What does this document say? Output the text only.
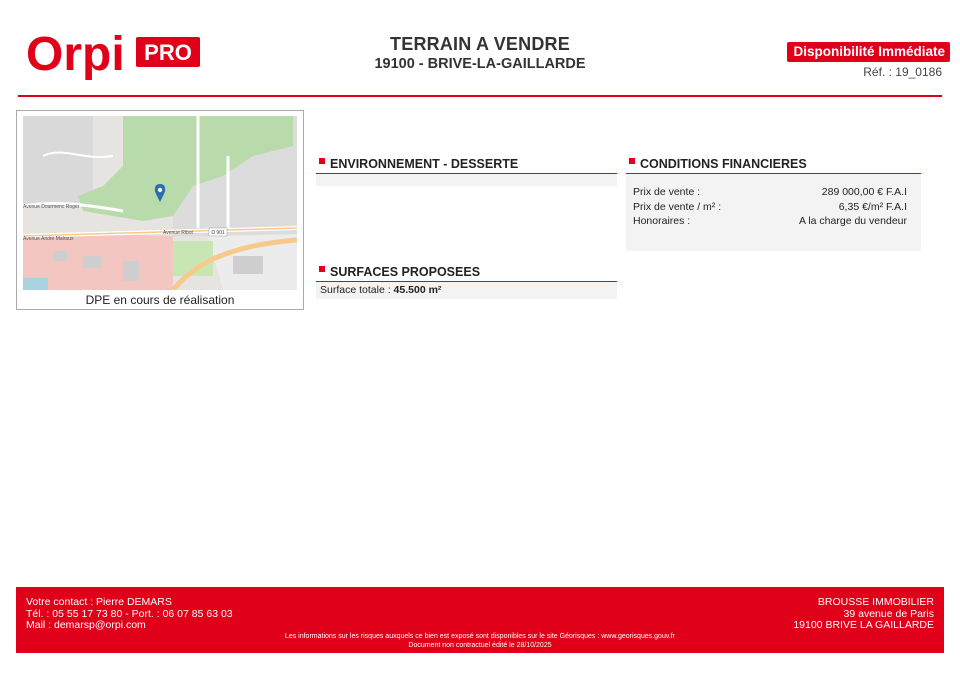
Orpi PRO	TERRAIN A VENDRE
19100 - BRIVE-LA-GAILLARDE
Disponibilité Immédiate
Réf. : 19_0186
Avenue Dourmenc Roger
Avenue André Malraux
Avenue Ribot	D 901
DPE en cours de réalisation
ENVIRONNEMENT - DESSERTE
SURFACES PROPOSEES
Surface totale : 45.500 m²
CONDITIONS FINANCIERES
Prix de vente :	289 000,00 € F.A.I
Prix de vente / m² :	6,35 €/m² F.A.I
Honoraires :	A la charge du vendeur
Votre contact : Pierre DEMARS
Tél. : 05 55 17 73 80 - Port. : 06 07 85 63 03
Mail : demarsp@orpi.com
BROUSSE IMMOBILIER
39 avenue de Paris
19100 BRIVE LA GAILLARDE
Les informations sur les risques auxquels ce bien est exposé sont disponibles sur le site Géorisques : www.georisques.gouv.fr
Document non contractuel édité le 28/10/2025
